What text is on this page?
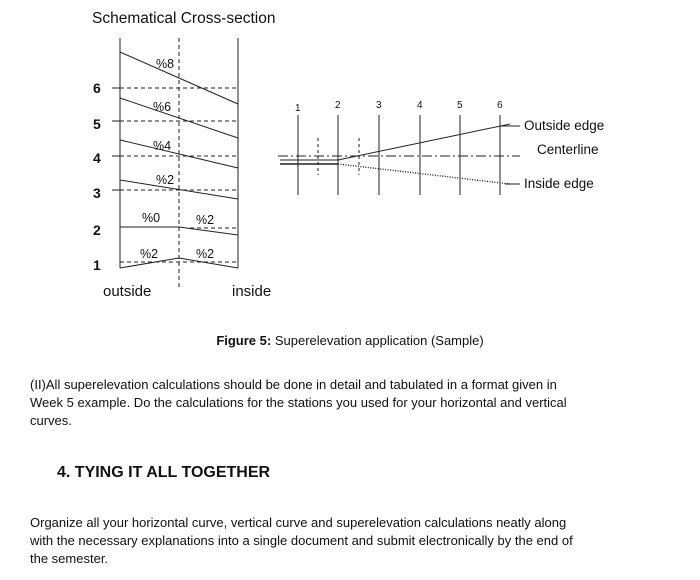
Schematical Cross-section
6
5
4
3
2
1
%8
%6
%4
%2
%0	%2
%2	%2
outside	inside
1	2	3	4	5	6
Outside edge
Centerline
Inside edge
Figure 5: Superelevation application (Sample)
(II)All superelevation calculations should be done in detail and tabulated in a format given in
Week 5 example. Do the calculations for the stations you used for your horizontal and vertical
curves.
4. TYING IT ALL TOGETHER
Organize all your horizontal curve, vertical curve and superelevation calculations neatly along
with the necessary explanations into a single document and submit electronically by the end of
the semester.
